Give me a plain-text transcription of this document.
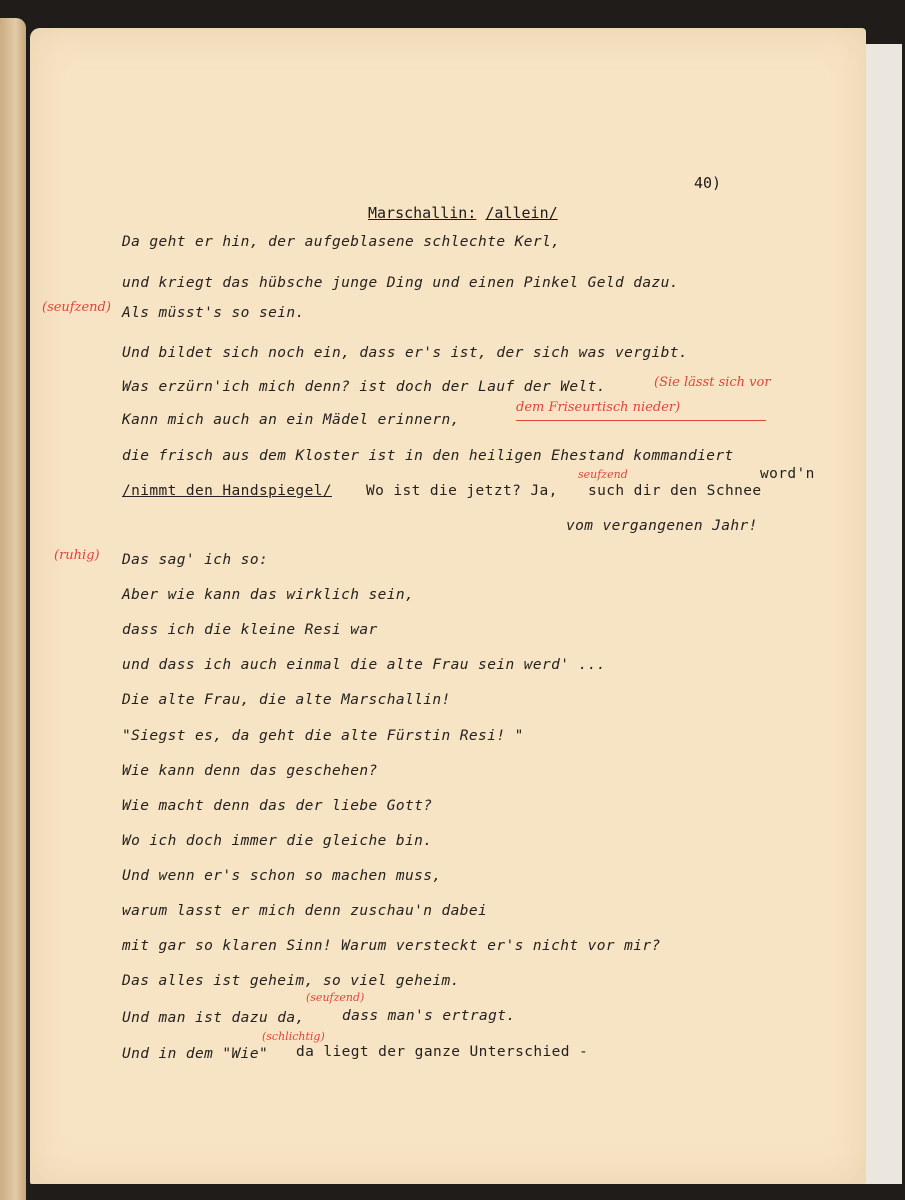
40)
Marschallin: /allein/
Da geht er hin, der aufgeblasene schlechte Kerl,
und kriegt das hübsche junge Ding und einen Pinkel Geld dazu.
(seufzend) Als müsst's so sein.
Und bildet sich noch ein, dass er's ist, der sich was vergibt.
Was erzürn'ich mich denn? ist doch der Lauf der Welt.	(Sie lässt sich vor
dem Friseurtisch nieder)
Kann mich auch an ein Mädel erinnern,
die frisch aus dem Kloster ist in den heiligen Ehestand kommandiert
word'n
/nimmt den Handspiegel/ Wo ist die jetzt? Ja,
seufzend
such dir den Schnee
vom vergangenen Jahr!
(ruhig) Das sag' ich so:
Aber wie kann das wirklich sein,
dass ich die kleine Resi war
und dass ich auch einmal die alte Frau sein werd' ...
Die alte Frau, die alte Marschallin!
"Siegst es, da geht die alte Fürstin Resi! "
Wie kann denn das geschehen?
Wie macht denn das der liebe Gott?
Wo ich doch immer die gleiche bin.
Und wenn er's schon so machen muss,
warum lasst er mich denn zuschau'n dabei
mit gar so klaren Sinn! Warum versteckt er's nicht vor mir?
Das alles ist geheim, so viel geheim.
(seufzend)
Und man ist dazu da,	dass man's ertragt.
(schlichtig)
Und in dem "Wie" da liegt der ganze Unterschied -
